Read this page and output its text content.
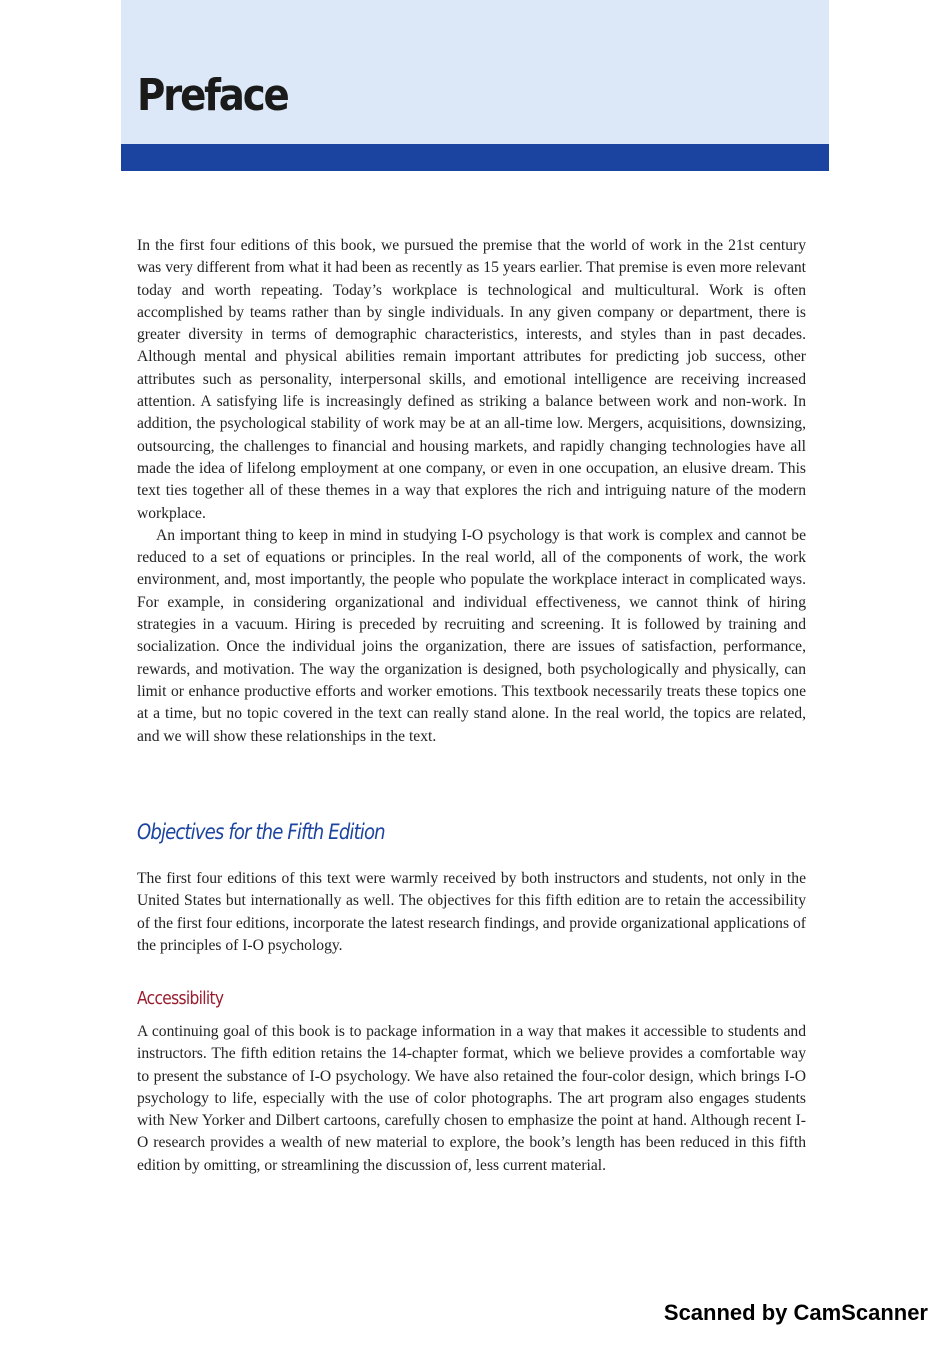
Preface

In the first four editions of this book, we pursued the premise that the world of work in the 21st century was very different from what it had been as recently as 15 years earlier. That premise is even more relevant today and worth repeating. Today’s workplace is technological and multicultural. Work is often accomplished by teams rather than by single individuals. In any given company or department, there is greater diversity in terms of demographic characteristics, interests, and styles than in past decades. Although mental and physical abilities remain important attributes for predicting job success, other attributes such as personality, interpersonal skills, and emotional intelligence are receiving increased attention. A satisfying life is increasingly defined as striking a balance between work and non-work. In addition, the psychological stability of work may be at an all-time low. Mergers, acquisitions, downsizing, outsourcing, the challenges to financial and housing markets, and rapidly changing technologies have all made the idea of lifelong employment at one company, or even in one occupation, an elusive dream. This text ties together all of these themes in a way that explores the rich and intriguing nature of the modern workplace.

An important thing to keep in mind in studying I-O psychology is that work is complex and cannot be reduced to a set of equations or principles. In the real world, all of the components of work, the work environment, and, most importantly, the people who populate the workplace interact in complicated ways. For example, in considering organizational and individual effectiveness, we cannot think of hiring strategies in a vacuum. Hiring is preceded by recruiting and screening. It is followed by training and socialization. Once the individual joins the organization, there are issues of satisfaction, performance, rewards, and motivation. The way the organization is designed, both psychologically and physically, can limit or enhance productive efforts and worker emotions. This textbook necessarily treats these topics one at a time, but no topic covered in the text can really stand alone. In the real world, the topics are related, and we will show these relationships in the text.

Objectives for the Fifth Edition

The first four editions of this text were warmly received by both instructors and students, not only in the United States but internationally as well. The objectives for this fifth edition are to retain the accessibility of the first four editions, incorporate the latest research findings, and provide organizational applications of the principles of I-O psychology.

Accessibility

A continuing goal of this book is to package information in a way that makes it accessible to students and instructors. The fifth edition retains the 14-chapter format, which we believe provides a comfortable way to present the substance of I-O psychology. We have also retained the four-color design, which brings I-O psychology to life, especially with the use of color photographs. The art program also engages students with New Yorker and Dilbert cartoons, carefully chosen to emphasize the point at hand. Although recent I-O research provides a wealth of new material to explore, the book’s length has been reduced in this fifth edition by omitting, or streamlining the discussion of, less current material.

Scanned by CamScanner
